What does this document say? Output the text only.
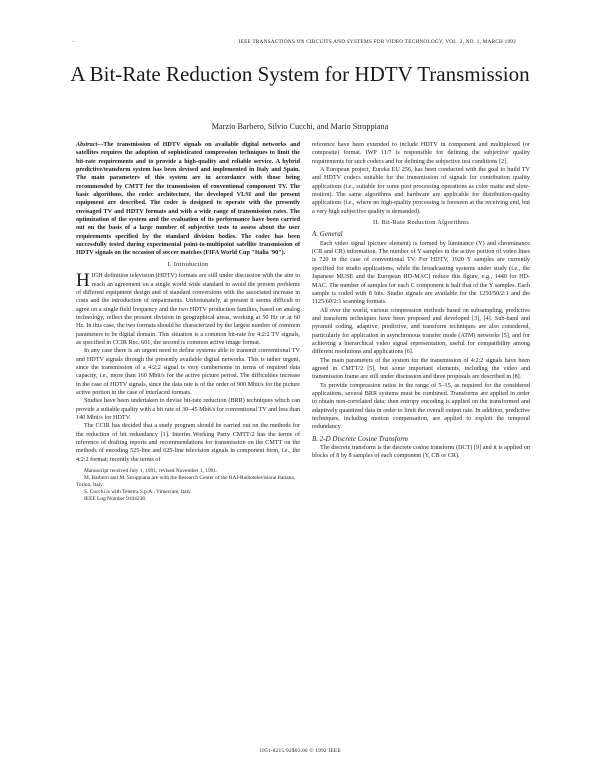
·	IEEE TRANSACTIONS ON CIRCUITS AND SYSTEMS FOR VIDEO TECHNOLOGY, VOL. 2, NO. 1, MARCH 1992
A Bit-Rate Reduction System for HDTV Transmission
Marzio Barbero, Silvio Cucchi, and Mario Stroppiana

Abstract—The transmission of HDTV signals on available digital networks and satellites requires the adoption of sophisticated compression techniques to limit the bit-rate requirements and to provide a high-quality and reliable service. A hybrid predictive/transform system has been devised and implemented in Italy and Spain. The main parameters of this system are in accordance with those being recommended by CMTT for the transmission of conventional component TV. The basic algorithms, the codec architecture, the developed VLSI and the present equipment are described. The codec is designed to operate with the presently envisaged TV and HDTV formats and with a wide range of transmission rates. The optimization of the system and the evaluation of its performance have been carried out on the basis of a large number of subjective tests to assess about the user requirements specified by the standard division bodies. The codec has been successfully tested during experimental point-to-multipoint satellite transmission of HDTV signals on the occasion of soccer matches (FIFA World Cup "Italia '90").

I. Introduction

HIGH definition television (HDTV) formats are still under discussion with the aim to reach an agreement on a single world wide standard to avoid the present problems of different equipment design and of standard conversions with the associated increase in costs and the introduction of impairments. Unfortunately, at present it seems difficult to agree on a single field frequency and the two HDTV production families, based on analog technology, reflect the present division in geographical areas, working at 50 Hz or at 60 Hz. In this case, the two formats should be characterized by the largest number of common parameters to be digital domain. This situation is a common bit-rate for 4:2:2 TV signals, as specified in CCIR Rec. 601, the second is common active image format.

In any case there is an urgent need to define systems able to transmit conventional TV and HDTV signals through the presently available digital networks. This is rather urgent, since the transmission of a 4:2:2 signal is very cumbersome in terms of required data capacity, i.e., more than 160 Mbit/s for the active picture period. The difficulties increase in the case of HDTV signals, since the data rate is of the order of 900 Mbit/s for the picture active portion in the case of interlaced formats.

Studies have been undertaken to devise bit-rate reduction (BRR) techniques which can provide a suitable quality with a bit rate of 30–45 Mbit/s for conventional TV and less than 140 Mbit/s for HDTV.

The CCIR has decided that a study program should be carried out on the methods for the reduction of bit redundancy [1]. Interim Working Party CMTT/2 has the terms of reference of drafting reports and recommendations for transmission on the CMTT on the methods of encoding 525-line and 625-line television signals in component form, i.e., the 4:2:2 format; recently the terms of

Manuscript received July 1, 1991; revised November 1, 1991.

M. Barbero and M. Stroppiana are with the Research Center of the RAI-Radiotelevisione Italiana, Torino, Italy.

S. Cucchi is with Telettra S.p.A., Vimercate, Italy.

IEEE Log Number 9104238.

reference have been extended to include HDTV in component and multiplexed (or composite) format. IWP 11/7 is responsible for defining the subjective quality requirements for such codecs and for defining the subjective test conditions [2].

A European project, Eureka EU 256, has been conducted with the goal to build TV and HDTV codecs suitable for the transmission of signals for contribution quality applications (i.e., suitable for some post processing operations as color matte and slow-motion). The same algorithms and hardware are applicable for distribution-quality applications (i.e., where no high-quality processing is foreseen at the receiving end, but a very high subjective quality is demanded).

II. Bit-Rate Reduction Algorithms
A. General

Each video signal (picture element) is formed by luminance (Y) and chrominance (CB and CR) information. The number of Y samples in the active portion of video lines is 720 in the case of conventional TV. For HDTV, 1920 Y samples are currently specified for studio applications, while the broadcasting systems under study (i.e., the Japanese MUSE and the European HD-MAC) reduce this figure, e.g., 1440 for HD-MAC. The number of samples for each C component is half that of the Y samples. Each sample is coded with 8 bits. Studio signals are available for the 1250/50/2:1 and the 1125/60/2:1 scanning formats.

All over the world, various compression methods based on subsampling, predictive and transform techniques have been proposed and developed [3], [4]. Sub-band and pyramid coding, adaptive, predictive, and transform techniques are also considered, particularly for application in asynchronous transfer mode (ATM) networks [5], and for achieving a hierarchical video signal representation, useful for compatibility among different resolutions and applications [6].

The main parameters of the system for the transmission of 4:2:2 signals have been agreed in CMTT/2 [5], but some important elements, including the video and transmission frame are still under discussion and three proposals are described in [8].

To provide compression ratios in the range of 5–15, as required for the considered applications, several BRR systems must be combined. Transforms are applied in order to obtain non-correlated data; then entropy encoding is applied on the transformed and adaptively quantized data in order to limit the overall output rate. In addition, predictive techniques, including motion compensation, are applied to exploit the temporal redundancy.

B. 2-D Discrete Cosine Transform

The discrete transform is the discrete cosine transform (DCT) [9] and it is applied on blocks of 8 by 8 samples of each component (Y, CB or CR).

1051-8215/92$03.00 © 1992 IEEE
